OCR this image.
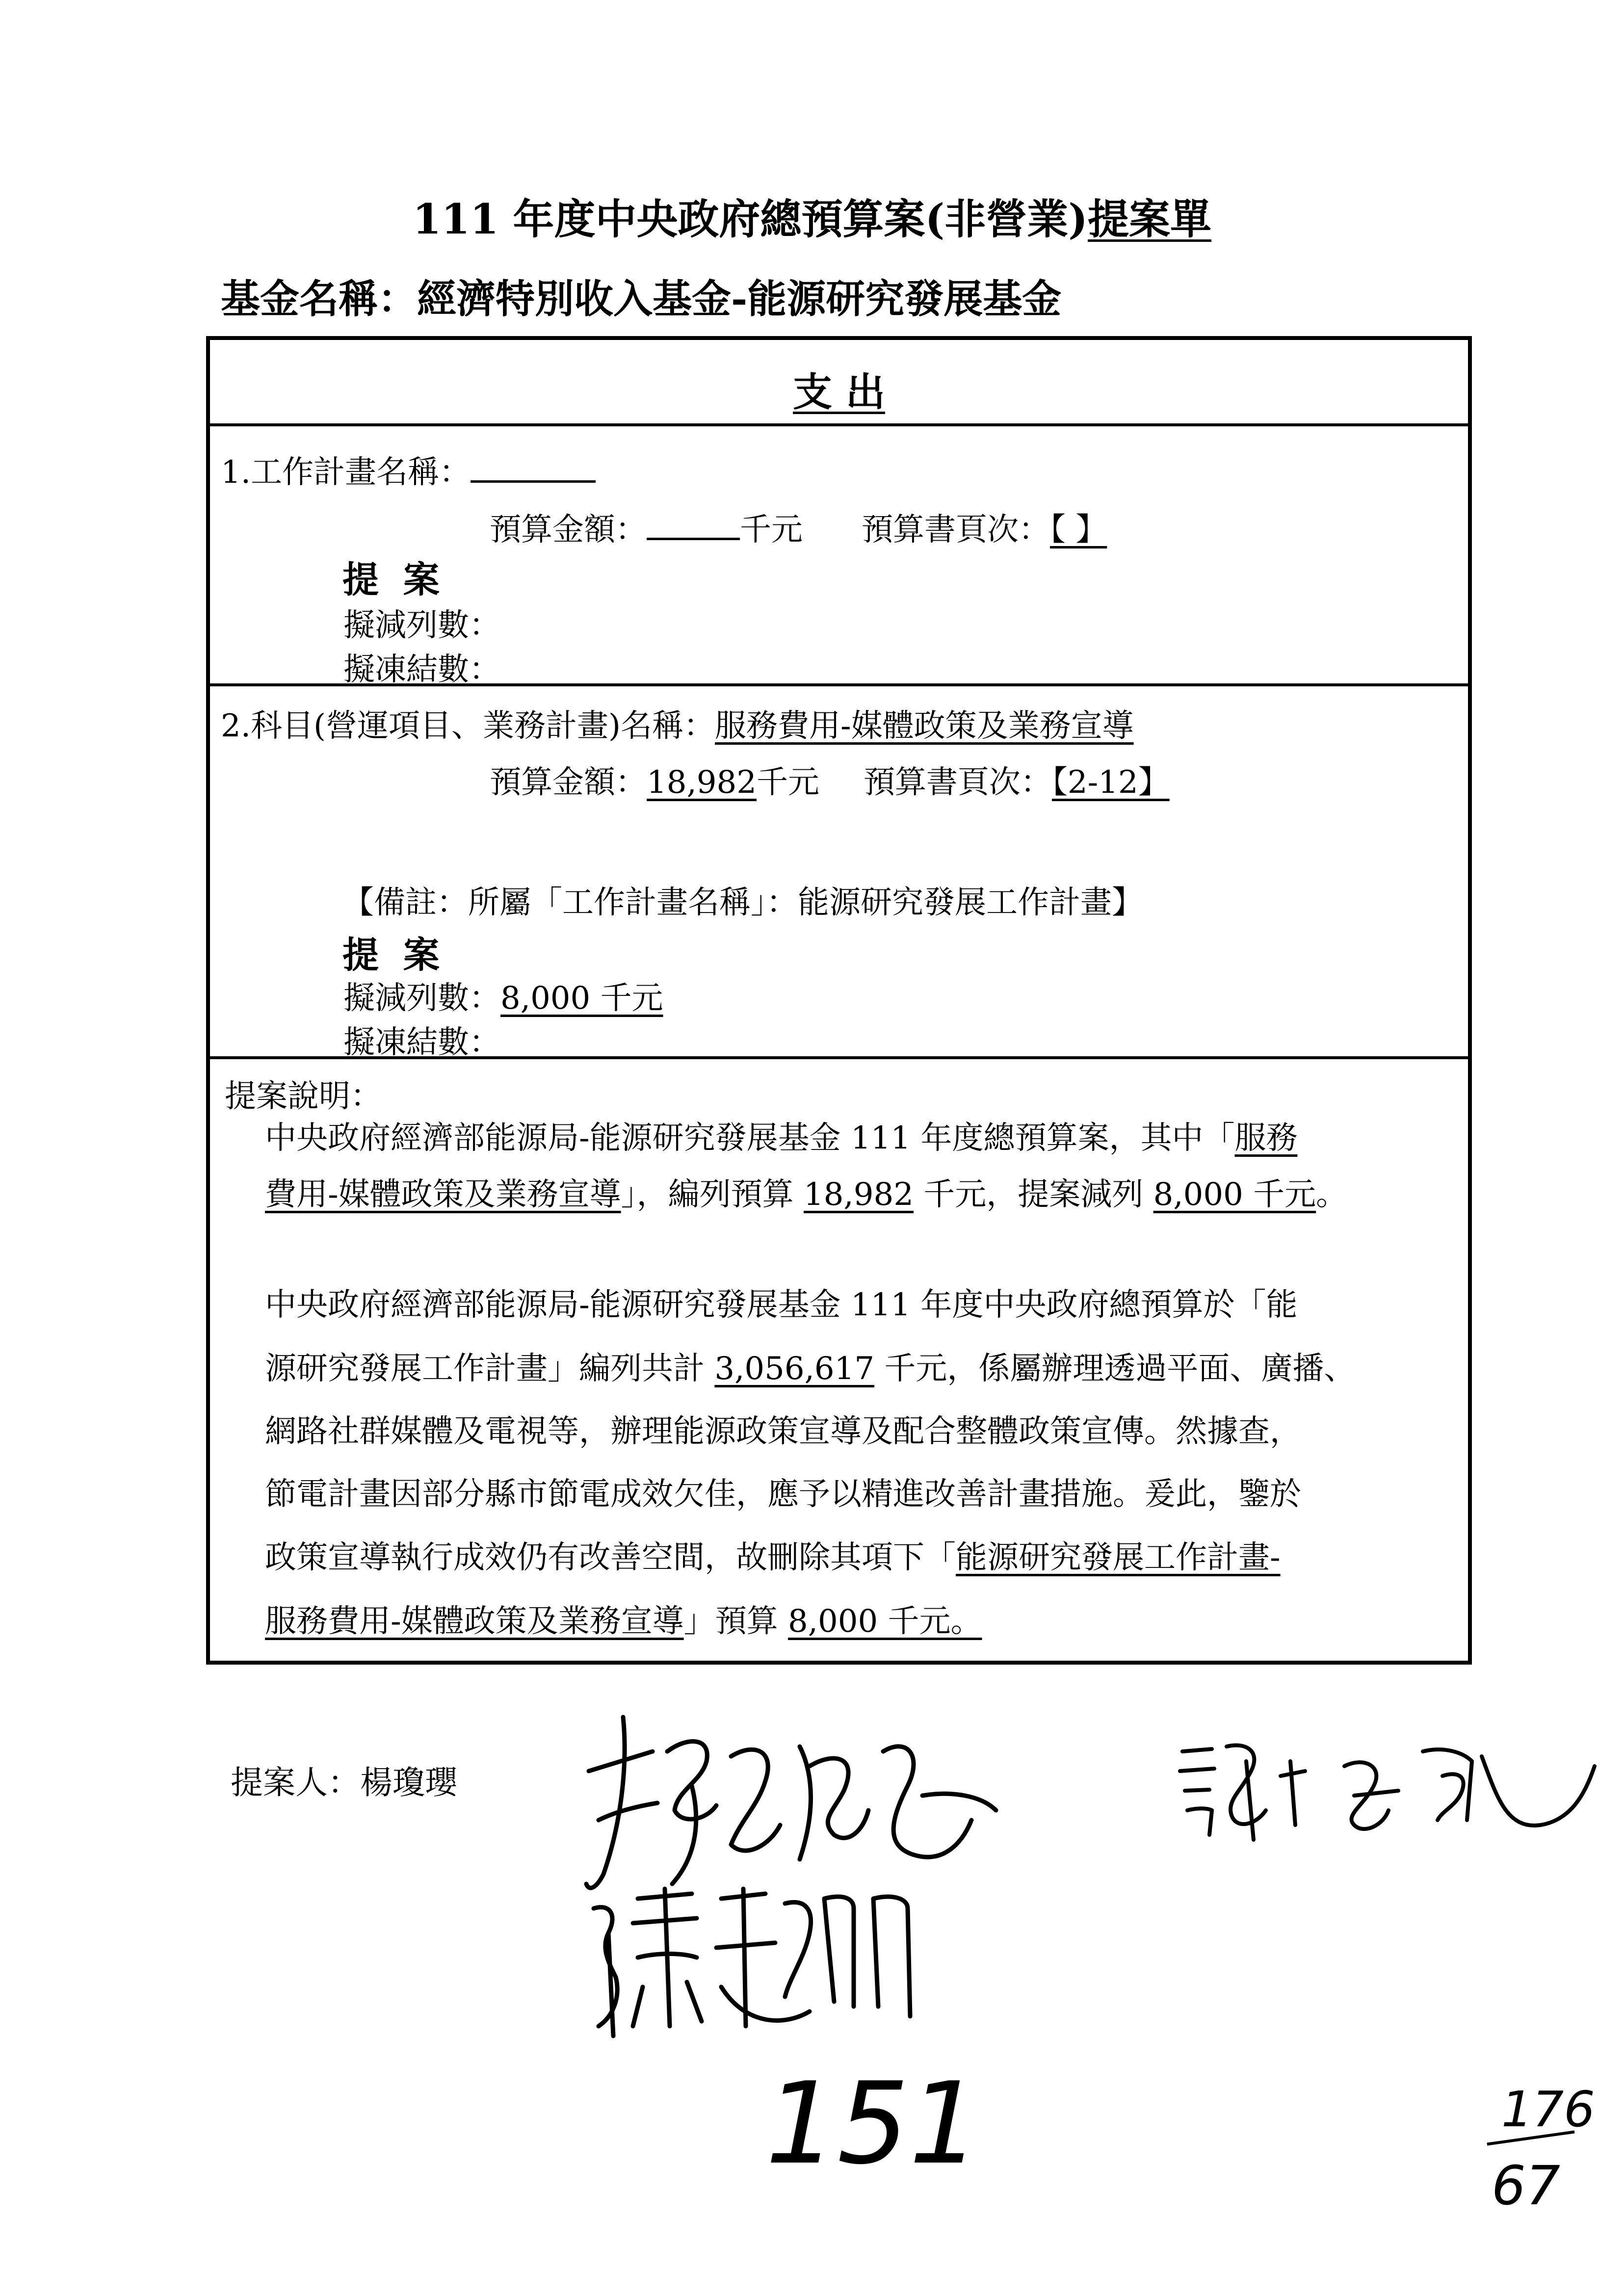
111 年度中央政府總預算案(非營業)提案單
基金名稱：經濟特別收入基金-能源研究發展基金
支 出
1.工作計畫名稱：
預算金額：	千元 預算書頁次：【 】
提 案
擬減列數：
擬凍結數：
2.科目(營運項目、業務計畫)名稱：服務費用-媒體政策及業務宣導
預算金額：18,982千元 預算書頁次：【2-12】
【備註：所屬「工作計畫名稱」：能源研究發展工作計畫】
提 案
擬減列數：8,000 千元
擬凍結數：
提案說明：
中央政府經濟部能源局-能源研究發展基金 111 年度總預算案，其中「服務
費用-媒體政策及業務宣導」，編列預算 18,982 千元，提案減列 8,000 千元。
中央政府經濟部能源局-能源研究發展基金 111 年度中央政府總預算於「能
源研究發展工作計畫」編列共計 3,056,617 千元，係屬辦理透過平面、廣播、
網路社群媒體及電視等，辦理能源政策宣導及配合整體政策宣傳。然據查，
節電計畫因部分縣市節電成效欠佳，應予以精進改善計畫措施。爰此，鑒於
政策宣導執行成效仍有改善空間，故刪除其項下「能源研究發展工作計畫-
服務費用-媒體政策及業務宣導」預算 8,000 千元。
提案人：楊瓊瓔
151	176
67
